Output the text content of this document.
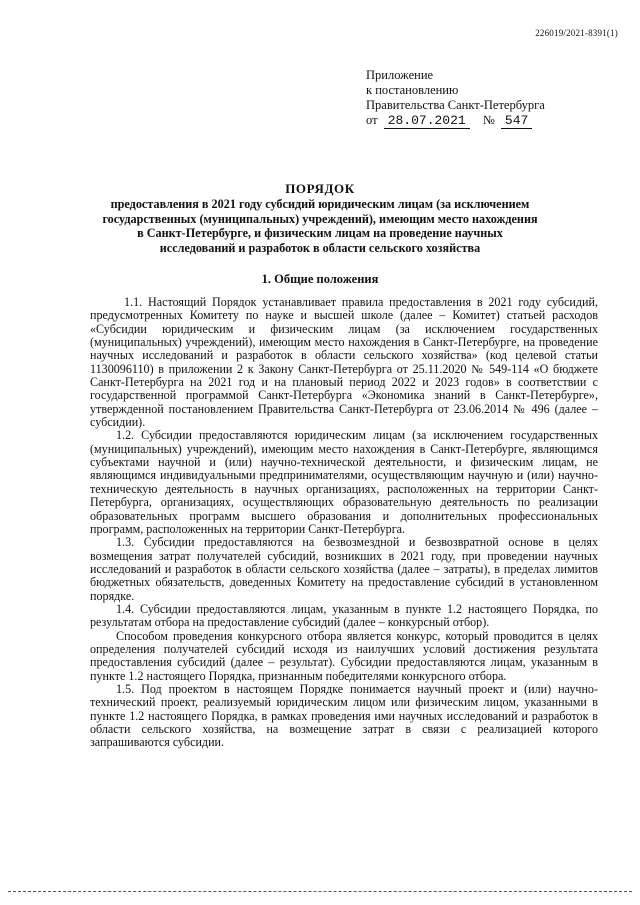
226019/2021-8391(1)
Приложение
к постановлению
Правительства Санкт-Петербурга
от 28.07.2021 № 547
ПОРЯДОК
предоставления в 2021 году субсидий юридическим лицам (за исключением государственных (муниципальных) учреждений), имеющим место нахождения в Санкт-Петербурге, и физическим лицам на проведение научных исследований и разработок в области сельского хозяйства
1. Общие положения

1.1. Настоящий Порядок устанавливает правила предоставления в 2021 году субсидий, предусмотренных Комитету по науке и высшей школе (далее – Комитет) статьей расходов «Субсидии юридическим и физическим лицам (за исключением государственных (муниципальных) учреждений), имеющим место нахождения в Санкт-Петербурге, на проведение научных исследований и разработок в области сельского хозяйства» (код целевой статьи 1130096110) в приложении 2 к Закону Санкт-Петербурга от 25.11.2020 № 549-114 «О бюджете Санкт-Петербурга на 2021 год и на плановый период 2022 и 2023 годов» в соответствии с государственной программой Санкт-Петербурга «Экономика знаний в Санкт-Петербурге», утвержденной постановлением Правительства Санкт-Петербурга от 23.06.2014 № 496 (далее – субсидии).

1.2. Субсидии предоставляются юридическим лицам (за исключением государственных (муниципальных) учреждений), имеющим место нахождения в Санкт-Петербурге, являющимся субъектами научной и (или) научно-технической деятельности, и физическим лицам, не являющимся индивидуальными предпринимателями, осуществляющим научную и (или) научно-техническую деятельность в научных организациях, расположенных на территории Санкт-Петербурга, организациях, осуществляющих образовательную деятельность по реализации образовательных программ высшего образования и дополнительных профессиональных программ, расположенных на территории Санкт-Петербурга.

1.3. Субсидии предоставляются на безвозмездной и безвозвратной основе в целях возмещения затрат получателей субсидий, возникших в 2021 году, при проведении научных исследований и разработок в области сельского хозяйства (далее – затраты), в пределах лимитов бюджетных обязательств, доведенных Комитету на предоставление субсидий в установленном порядке.

1.4. Субсидии предоставляются лицам, указанным в пункте 1.2 настоящего Порядка, по результатам отбора на предоставление субсидий (далее – конкурсный отбор).

Способом проведения конкурсного отбора является конкурс, который проводится в целях определения получателей субсидий исходя из наилучших условий достижения результата предоставления субсидий (далее – результат). Субсидии предоставляются лицам, указанным в пункте 1.2 настоящего Порядка, признанным победителями конкурсного отбора.

1.5. Под проектом в настоящем Порядке понимается научный проект и (или) научно-технический проект, реализуемый юридическим лицом или физическим лицом, указанными в пункте 1.2 настоящего Порядка, в рамках проведения ими научных исследований и разработок в области сельского хозяйства, на возмещение затрат в связи с реализацией которого запрашиваются субсидии.
